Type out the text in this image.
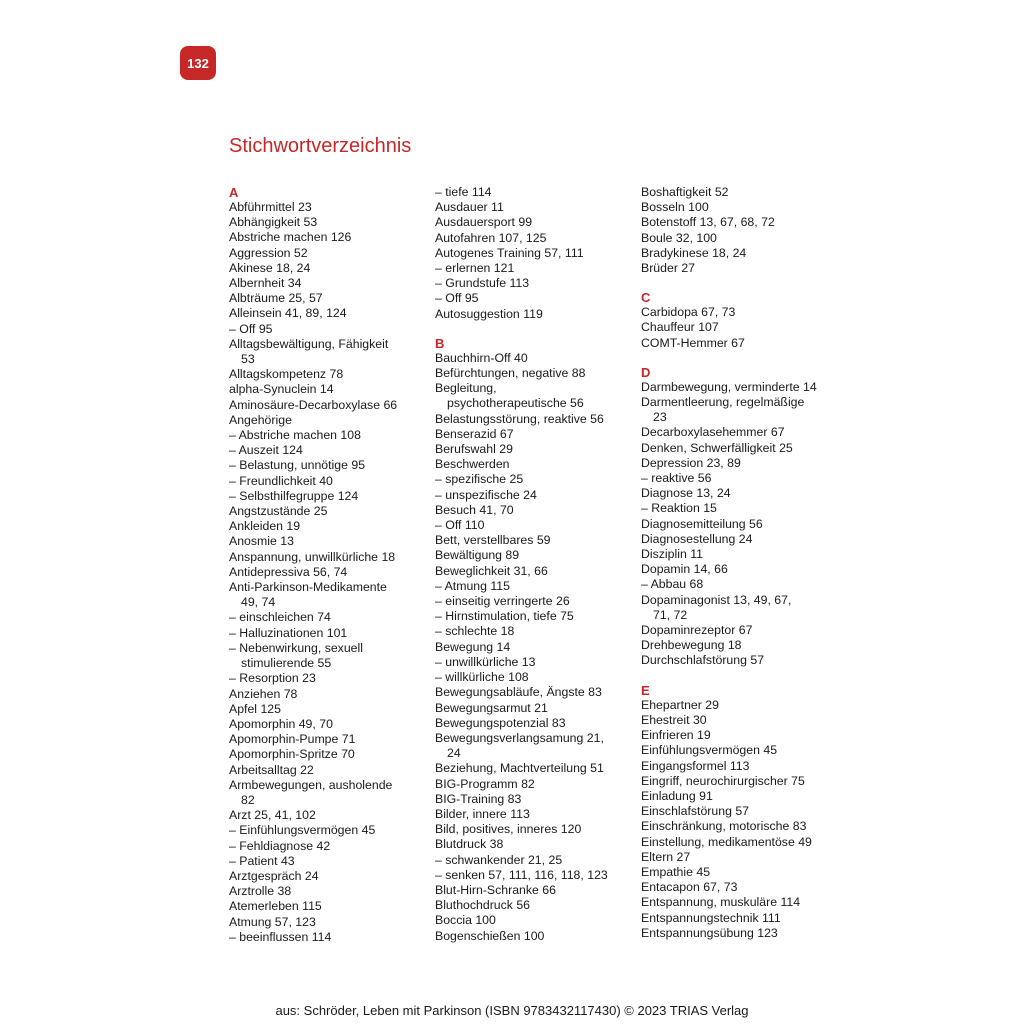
132
Stichwortverzeichnis
A
Abführmittel 23
Abhängigkeit 53
Abstriche machen 126
Aggression 52
Akinese 18, 24
Albernheit 34
Albträume 25, 57
Alleinsein 41, 89, 124
– Off 95
Alltagsbewältigung, Fähigkeit
53
Alltagskompetenz 78
alpha-Synuclein 14
Aminosäure-Decarboxylase 66
Angehörige
– Abstriche machen 108
– Auszeit 124
– Belastung, unnötige 95
– Freundlichkeit 40
– Selbsthilfegruppe 124
Angstzustände 25
Ankleiden 19
Anosmie 13
Anspannung, unwillkürliche 18
Antidepressiva 56, 74
Anti-Parkinson-Medikamente
49, 74
– einschleichen 74
– Halluzinationen 101
– Nebenwirkung, sexuell
stimulierende 55
– Resorption 23
Anziehen 78
Apfel 125
Apomorphin 49, 70
Apomorphin-Pumpe 71
Apomorphin-Spritze 70
Arbeitsalltag 22
Armbewegungen, ausholende
82
Arzt 25, 41, 102
– Einfühlungsvermögen 45
– Fehldiagnose 42
– Patient 43
Arztgespräch 24
Arztrolle 38
Atemerleben 115
Atmung 57, 123
– beeinflussen 114
– tiefe 114
Ausdauer 11
Ausdauersport 99
Autofahren 107, 125
Autogenes Training 57, 111
– erlernen 121
– Grundstufe 113
– Off 95
Autosuggestion 119
B
Bauchhirn-Off 40
Befürchtungen, negative 88
Begleitung,
psychotherapeutische 56
Belastungsstörung, reaktive 56
Benserazid 67
Berufswahl 29
Beschwerden
– spezifische 25
– unspezifische 24
Besuch 41, 70
– Off 110
Bett, verstellbares 59
Bewältigung 89
Beweglichkeit 31, 66
– Atmung 115
– einseitig verringerte 26
– Hirnstimulation, tiefe 75
– schlechte 18
Bewegung 14
– unwillkürliche 13
– willkürliche 108
Bewegungsabläufe, Ängste 83
Bewegungsarmut 21
Bewegungspotenzial 83
Bewegungsverlangsamung 21,
24
Beziehung, Machtverteilung 51
BIG-Programm 82
BIG-Training 83
Bilder, innere 113
Bild, positives, inneres 120
Blutdruck 38
– schwankender 21, 25
– senken 57, 111, 116, 118, 123
Blut-Hirn-Schranke 66
Bluthochdruck 56
Boccia 100
Bogenschießen 100
Boshaftigkeit 52
Bosseln 100
Botenstoff 13, 67, 68, 72
Boule 32, 100
Bradykinese 18, 24
Brüder 27
C
Carbidopa 67, 73
Chauffeur 107
COMT-Hemmer 67
D
Darmbewegung, verminderte 14
Darmentleerung, regelmäßige
23
Decarboxylasehemmer 67
Denken, Schwerfälligkeit 25
Depression 23, 89
– reaktive 56
Diagnose 13, 24
– Reaktion 15
Diagnosemitteilung 56
Diagnosestellung 24
Disziplin 11
Dopamin 14, 66
– Abbau 68
Dopaminagonist 13, 49, 67,
71, 72
Dopaminrezeptor 67
Drehbewegung 18
Durchschlafstörung 57
E
Ehepartner 29
Ehestreit 30
Einfrieren 19
Einfühlungsvermögen 45
Eingangsformel 113
Eingriff, neurochirurgischer 75
Einladung 91
Einschlafstörung 57
Einschränkung, motorische 83
Einstellung, medikamentöse 49
Eltern 27
Empathie 45
Entacapon 67, 73
Entspannung, muskuläre 114
Entspannungstechnik 111
Entspannungsübung 123
aus: Schröder, Leben mit Parkinson (ISBN 9783432117430) © 2023 TRIAS Verlag
